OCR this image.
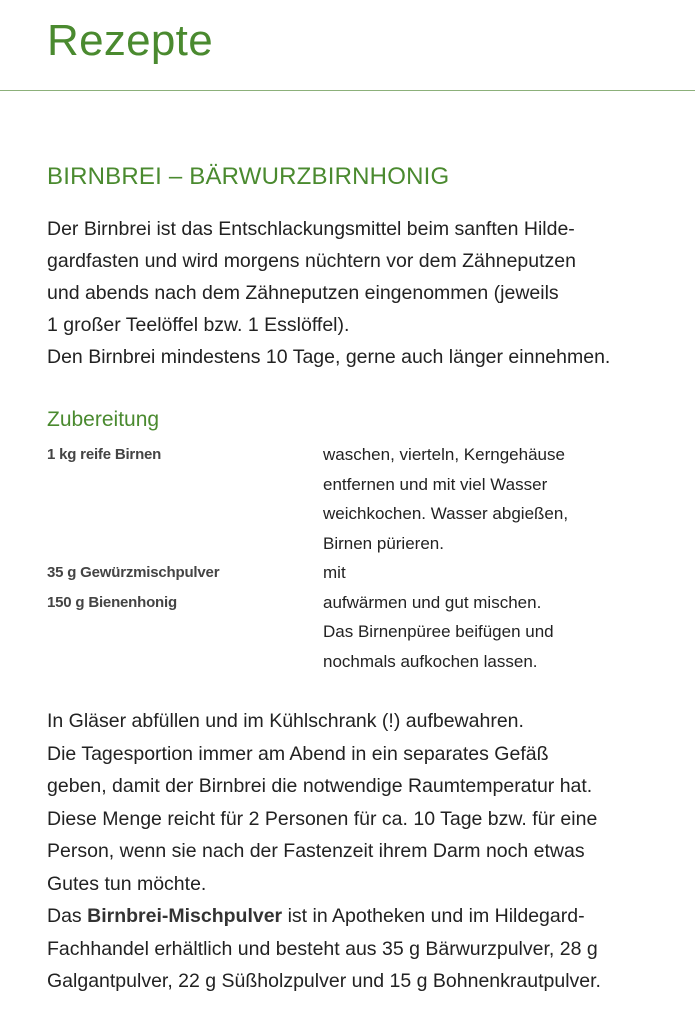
Rezepte
BIRNBREI – BÄRWURZBIRNHONIG

Der Birnbrei ist das Entschlackungsmittel beim sanften Hilde-

gardfasten und wird morgens nüchtern vor dem Zähneputzen

und abends nach dem Zähneputzen eingenommen (jeweils

1 großer Teelöffel bzw. 1 Esslöffel).

Den Birnbrei mindestens 10 Tage, gerne auch länger einnehmen.

Zubereitung
1 kg reife Birnen	waschen, vierteln, Kerngehäuse
entfernen und mit viel Wasser
weichkochen. Wasser abgießen,
Birnen pürieren.
35 g Gewürzmischpulver	mit
150 g Bienenhonig	aufwärmen und gut mischen.
Das Birnenpüree beifügen und
nochmals aufkochen lassen.

In Gläser abfüllen und im Kühlschrank (!) aufbewahren.

Die Tagesportion immer am Abend in ein separates Gefäß

geben, damit der Birnbrei die notwendige Raumtemperatur hat.

Diese Menge reicht für 2 Personen für ca. 10 Tage bzw. für eine

Person, wenn sie nach der Fastenzeit ihrem Darm noch etwas

Gutes tun möchte.

Das Birnbrei-Mischpulver ist in Apotheken und im Hildegard-

Fachhandel erhältlich und besteht aus 35 g Bärwurzpulver, 28 g

Galgantpulver, 22 g Süßholzpulver und 15 g Bohnenkrautpulver.
